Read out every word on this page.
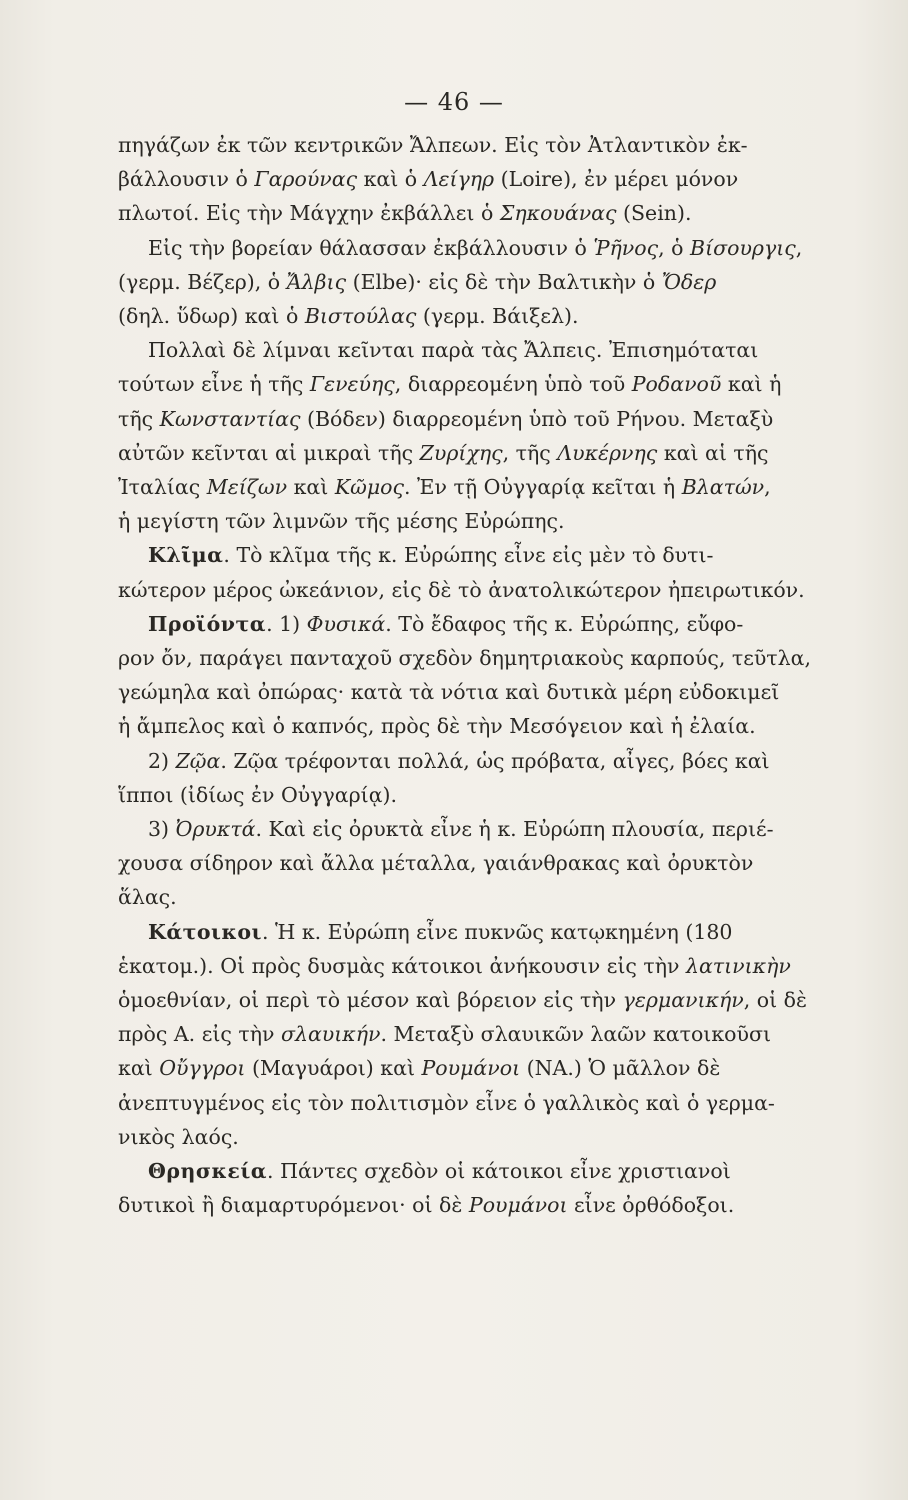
— 46 —
πηγάζων ἐκ τῶν κεντρικῶν Ἄλπεων. Εἰς τὸν Ἀτλαντικὸν ἐκ-
βάλλουσιν ὁ Γαρούνας καὶ ὁ Λείγηρ (Loire), ἐν μέρει μόνον
πλωτοί. Εἰς τὴν Μάγχην ἐκβάλλει ὁ Σηκουάνας (Sein).
Εἰς τὴν βορείαν θάλασσαν ἐκβάλλουσιν ὁ Ῥῆνος, ὁ Βίσουργις,
(γερμ. Βέζερ), ὁ Ἄλβις (Elbe)· εἰς δὲ τὴν Βαλτικὴν ὁ Ὄδερ
(δηλ. ὕδωρ) καὶ ὁ Βιστούλας (γερμ. Βάιξελ).
Πολλαὶ δὲ λίμναι κεῖνται παρὰ τὰς Ἄλπεις. Ἐπισημόταται
τούτων εἶνε ἡ τῆς Γενεύης, διαρρεομένη ὑπὸ τοῦ Ροδανοῦ καὶ ἡ
τῆς Κωνσταντίας (Βόδεν) διαρρεομένη ὑπὸ τοῦ Ρήνου. Μεταξὺ
αὐτῶν κεῖνται αἱ μικραὶ τῆς Ζυρίχης, τῆς Λυκέρνης καὶ αἱ τῆς
Ἰταλίας Μείζων καὶ Κῶμος. Ἐν τῇ Οὐγγαρίᾳ κεῖται ἡ Βλατών,
ἡ μεγίστη τῶν λιμνῶν τῆς μέσης Εὐρώπης.
Κλῖμα. Τὸ κλῖμα τῆς κ. Εὐρώπης εἶνε εἰς μὲν τὸ δυτι-
κώτερον μέρος ὠκεάνιον, εἰς δὲ τὸ ἀνατολικώτερον ἠπειρωτικόν.
Προϊόντα. 1) Φυσικά. Τὸ ἔδαφος τῆς κ. Εὐρώπης, εὔφο-
ρον ὄν, παράγει πανταχοῦ σχεδὸν δημητριακοὺς καρπούς, τεῦτλα,
γεώμηλα καὶ ὀπώρας· κατὰ τὰ νότια καὶ δυτικὰ μέρη εὐδοκιμεῖ
ἡ ἄμπελος καὶ ὁ καπνός, πρὸς δὲ τὴν Μεσόγειον καὶ ἡ ἐλαία.
2) Ζῷα. Ζῷα τρέφονται πολλά, ὡς πρόβατα, αἶγες, βόες καὶ
ἵπποι (ἰδίως ἐν Οὐγγαρίᾳ).
3) Ὀρυκτά. Καὶ εἰς ὀρυκτὰ εἶνε ἡ κ. Εὐρώπη πλουσία, περιέ-
χουσα σίδηρον καὶ ἄλλα μέταλλα, γαιάνθρακας καὶ ὀρυκτὸν
ἅλας.
Κάτοικοι. Ἡ κ. Εὐρώπη εἶνε πυκνῶς κατῳκημένη (180
ἑκατομ.). Οἱ πρὸς δυσμὰς κάτοικοι ἀνήκουσιν εἰς τὴν λατινικὴν
ὁμοεθνίαν, οἱ περὶ τὸ μέσον καὶ βόρειον εἰς τὴν γερμανικήν, οἱ δὲ
πρὸς Α. εἰς τὴν σλαυικήν. Μεταξὺ σλαυικῶν λαῶν κατοικοῦσι
καὶ Οὔγγροι (Μαγυάροι) καὶ Ρουμάνοι (ΝΑ.) Ὁ μᾶλλον δὲ
ἀνεπτυγμένος εἰς τὸν πολιτισμὸν εἶνε ὁ γαλλικὸς καὶ ὁ γερμα-
νικὸς λαός.
Θρησκεία. Πάντες σχεδὸν οἱ κάτοικοι εἶνε χριστιανοὶ
δυτικοὶ ἢ διαμαρτυρόμενοι· οἱ δὲ Ρουμάνοι εἶνε ὀρθόδοξοι.
